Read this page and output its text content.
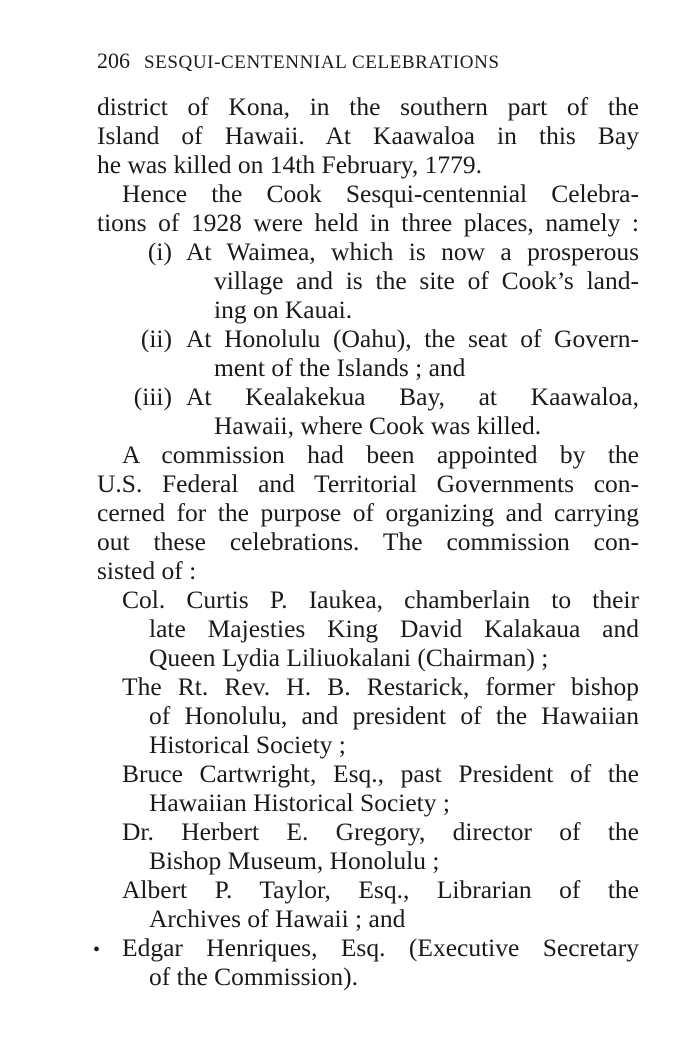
206 SESQUI-CENTENNIAL CELEBRATIONS
district of Kona, in the southern part of the
Island of Hawaii. At Kaawaloa in this Bay
he was killed on 14th February, 1779.
Hence the Cook Sesqui-centennial Celebra-
tions of 1928 were held in three places, namely :
(i) At Waimea, which is now a prosperous
village and is the site of Cook’s land-
ing on Kauai.
(ii) At Honolulu (Oahu), the seat of Govern-
ment of the Islands ; and
(iii) At Kealakekua Bay, at Kaawaloa,
Hawaii, where Cook was killed.
A commission had been appointed by the
U.S. Federal and Territorial Governments con-
cerned for the purpose of organizing and carrying
out these celebrations. The commission con-
sisted of :
Col. Curtis P. Iaukea, chamberlain to their
late Majesties King David Kalakaua and
Queen Lydia Liliuokalani (Chairman) ;
The Rt. Rev. H. B. Restarick, former bishop
of Honolulu, and president of the Hawaiian
Historical Society ;
Bruce Cartwright, Esq., past President of the
Hawaiian Historical Society ;
Dr. Herbert E. Gregory, director of the
Bishop Museum, Honolulu ;
Albert P. Taylor, Esq., Librarian of the
Archives of Hawaii ; and
Edgar Henriques, Esq. (Executive Secretary
of the Commission).
•
